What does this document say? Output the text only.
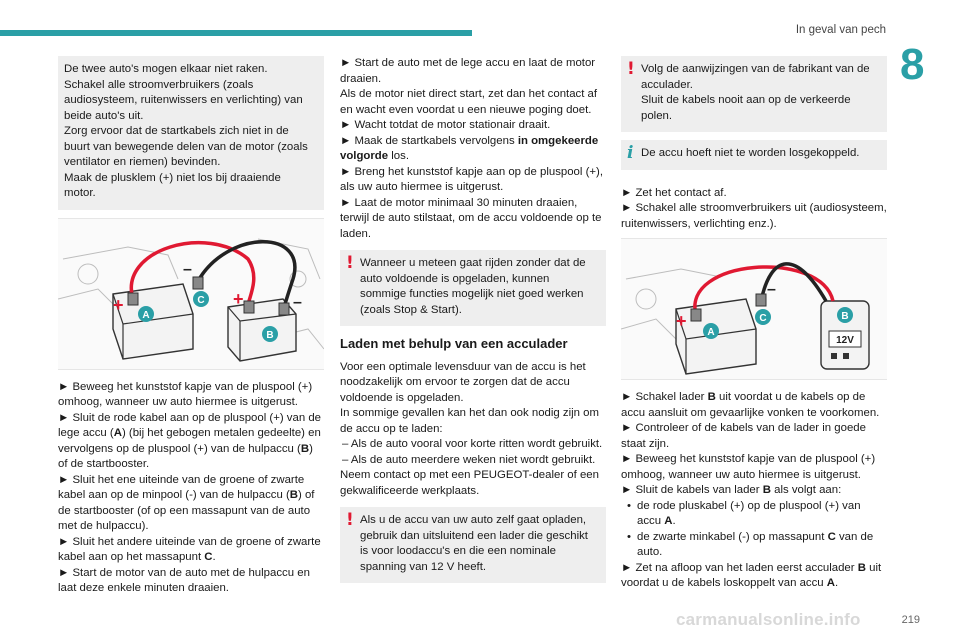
In geval van pech
8

De twee auto's mogen elkaar niet raken.

Schakel alle stroomverbruikers (zoals audiosysteem, ruitenwissers en verlichting) van beide auto's uit.

Zorg ervoor dat de startkabels zich niet in de buurt van bewegende delen van de motor (zoals ventilator en riemen) bevinden.

Maak de plusklem (+) niet los bij draaiende motor.

+	+
–
–
A
C
B

► Beweeg het kunststof kapje van de pluspool (+) omhoog, wanneer uw auto hiermee is uitgerust.

► Sluit de rode kabel aan op de pluspool (+) van de lege accu (A) (bij het gebogen metalen gedeelte) en vervolgens op de pluspool (+) van de hulpaccu (B) of de startbooster.

► Sluit het ene uiteinde van de groene of zwarte kabel aan op de minpool (-) van de hulpaccu (B) of de startbooster (of op een massapunt van de auto met de hulpaccu).

► Sluit het andere uiteinde van de groene of zwarte kabel aan op het massapunt C.

► Start de motor van de auto met de hulpaccu en laat deze enkele minuten draaien.

► Start de auto met de lege accu en laat de motor draaien.

Als de motor niet direct start, zet dan het contact af en wacht even voordat u een nieuwe poging doet.

► Wacht totdat de motor stationair draait.

► Maak de startkabels vervolgens in omgekeerde volgorde los.

► Breng het kunststof kapje aan op de pluspool (+), als uw auto hiermee is uitgerust.

► Laat de motor minimaal 30 minuten draaien, terwijl de auto stilstaat, om de accu voldoende op te laden.

! Wanneer u meteen gaat rijden zonder dat de auto voldoende is opgeladen, kunnen sommige functies mogelijk niet goed werken (zoals Stop & Start).

Laden met behulp van een acculader

Voor een optimale levensduur van de accu is het noodzakelijk om ervoor te zorgen dat de accu voldoende is opgeladen.

In sommige gevallen kan het dan ook nodig zijn om de accu op te laden:

– Als de auto vooral voor korte ritten wordt gebruikt.

– Als de auto meerdere weken niet wordt gebruikt.

Neem contact op met een PEUGEOT-dealer of een gekwalificeerde werkplaats.

! Als u de accu van uw auto zelf gaat opladen, gebruik dan uitsluitend een lader die geschikt is voor loodaccu's en die een nominale spanning van 12 V heeft.

! Volg de aanwijzingen van de fabrikant van de acculader.

Sluit de kabels nooit aan op de verkeerde polen.

i De accu hoeft niet te worden losgekoppeld.

► Zet het contact af.

► Schakel alle stroomverbruikers uit (audiosysteem, ruitenwissers, verlichting enz.).

12V
+
–
A
C	B

► Schakel lader B uit voordat u de kabels op de accu aansluit om gevaarlijke vonken te voorkomen.

► Controleer of de kabels van de lader in goede staat zijn.

► Beweeg het kunststof kapje van de pluspool (+) omhoog, wanneer uw auto hiermee is uitgerust.

► Sluit de kabels van lader B als volgt aan:

• de rode pluskabel (+) op de pluspool (+) van accu A.

• de zwarte minkabel (-) op massapunt C van de auto.

► Zet na afloop van het laden eerst acculader B uit voordat u de kabels loskoppelt van accu A.

carmanualsonline.info	219
